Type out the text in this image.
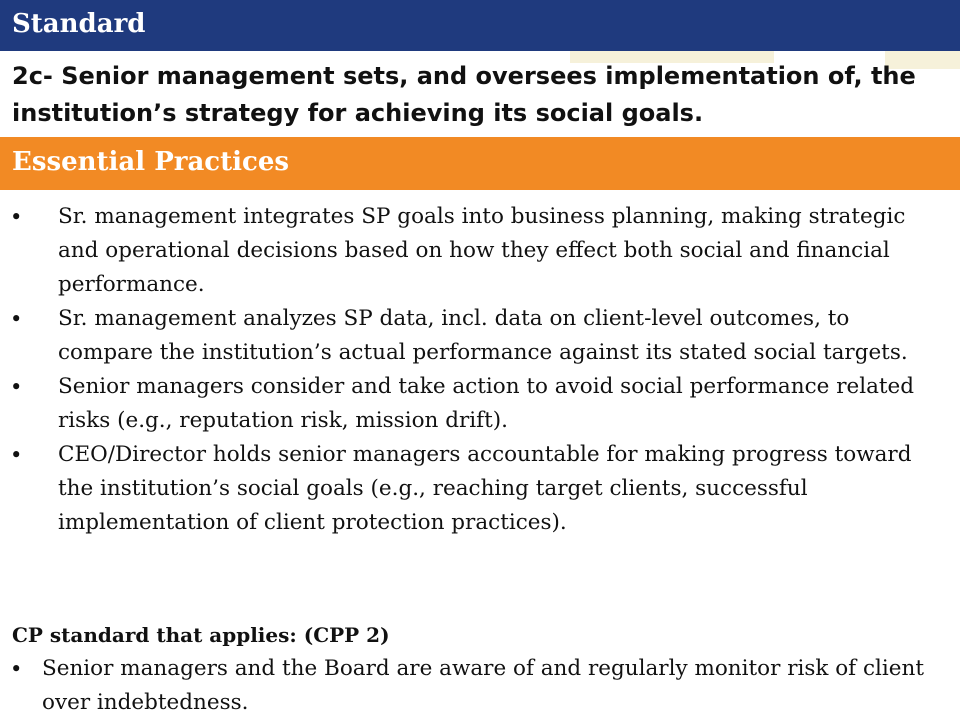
Standard
2c- Senior management sets, and oversees implementation of, the institution’s strategy for achieving its social goals.
Essential Practices
• Sr. management integrates SP goals into business planning, making strategic and operational decisions based on how they effect both social and financial performance.
• Sr. management analyzes SP data, incl. data on client-level outcomes, to compare the institution’s actual performance against its stated social targets.
• Senior managers consider and take action to avoid social performance related risks (e.g., reputation risk, mission drift).
• CEO/Director holds senior managers accountable for making progress toward the institution’s social goals (e.g., reaching target clients, successful implementation of client protection practices).
CP standard that applies: (CPP 2)
• Senior managers and the Board are aware of and regularly monitor risk of client over indebtedness.
